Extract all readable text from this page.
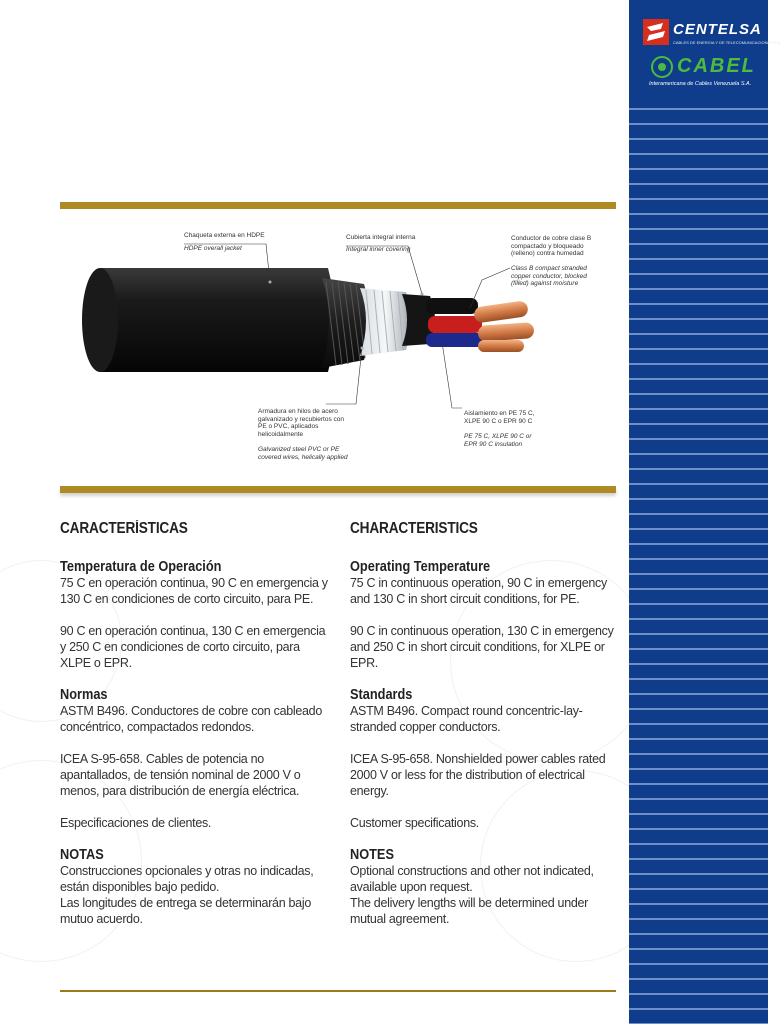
CENTELSA
CABLES DE ENERGIA Y DE TELECOMUNICACIONES S.A.
CABEL
Interamericana de Cables Venezuela S.A.
Chaqueta externa en HDPE
HDPE overall jacket
Cubierta integral interna
Integral inner covering
Conductor de cobre clase B compactado y bloqueado (relleno) contra humedad
Class B compact stranded copper conductor, blocked (filled) against moisture
Armadura en hilos de acero galvanizado y recubiertos con PE o PVC, aplicados helicoidalmente
Galvanized steel PVC or PE covered wires, helically applied
Aislamiento en PE 75 C, XLPE 90 C o EPR 90 C
PE 75 C, XLPE 90 C or EPR 90 C insulation
CARACTERÍSTICAS
Temperatura de Operación

75 C en operación continua, 90 C en emergencia y 130 C en condiciones de corto circuito, para PE.

90 C en operación continua, 130 C en emergencia y 250 C en condiciones de corto circuito, para XLPE o EPR.

Normas

ASTM B496. Conductores de cobre con cableado concéntrico, compactados redondos.

ICEA S-95-658. Cables de potencia no apantallados, de tensión nominal de 2000 V o menos, para distribución de energía eléctrica.

Especificaciones de clientes.

NOTAS

Construcciones opcionales y otras no indicadas, están disponibles bajo pedido.

Las longitudes de entrega se determinarán bajo mutuo acuerdo.

CHARACTERISTICS
Operating Temperature

75 C in continuous operation, 90 C in emergency and 130 C in short circuit conditions, for PE.

90 C in continuous operation, 130 C in emergency and 250 C in short circuit conditions, for XLPE or EPR.

Standards

ASTM B496. Compact round concentric-lay-stranded copper conductors.

ICEA S-95-658. Nonshielded power cables rated 2000 V or less for the distribution of electrical energy.

Customer specifications.

NOTES

Optional constructions and other not indicated, available upon request.

The delivery lengths will be determined under mutual agreement.
